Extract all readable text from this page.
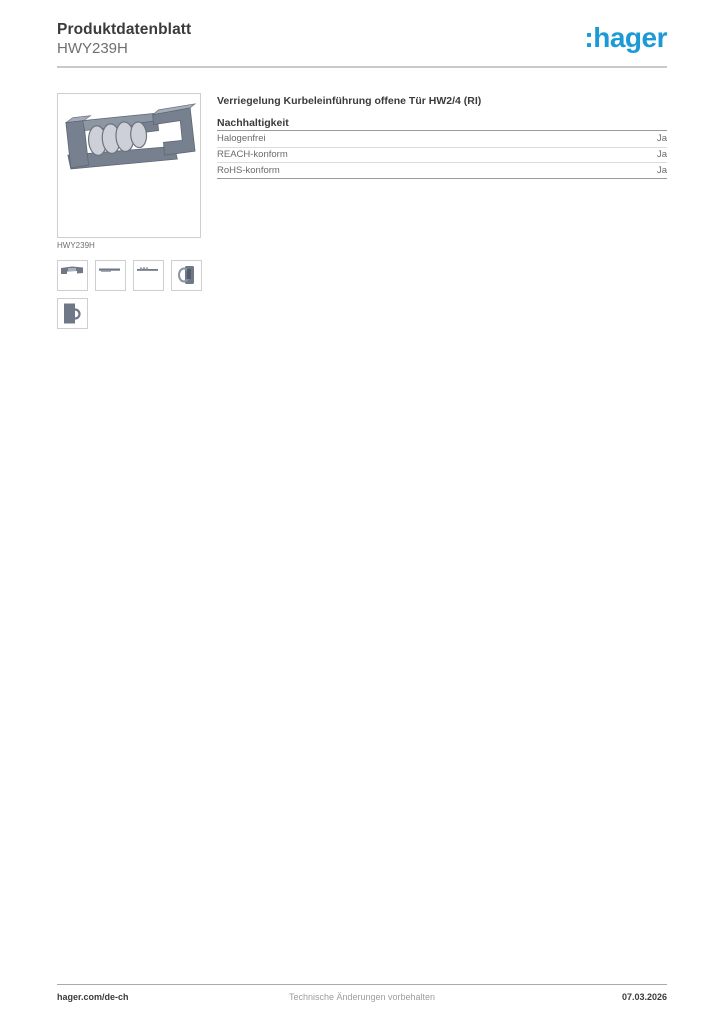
Produktdatenblatt
HWY239H	:hager
HWY239H
Verriegelung Kurbeleinführung offene Tür HW2/4 (RI)
Nachhaltigkeit
Halogenfrei	Ja
REACH-konform	Ja
RoHS-konform	Ja
hager.com/de-ch	Technische Änderungen vorbehalten	07.03.2026
